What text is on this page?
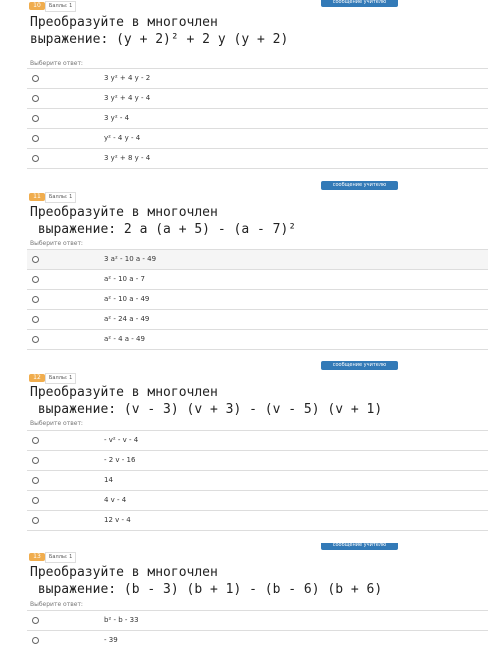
10	Баллы: 1
сообщение учителю
Преобразуйте в многочлен
выражение: (y + 2)² + 2 y (y + 2)
Выберите ответ:
3 y² + 4 y - 2
3 y² + 4 y - 4
3 y² - 4
y² - 4 y - 4
3 y² + 8 y - 4
11	Баллы: 1
сообщение учителю
Преобразуйте в многочлен
выражение: 2 a (a + 5) - (a - 7)²
Выберите ответ:
3 a² - 10 a - 49
a² - 10 a - 7
a² - 10 a - 49
a² - 24 a - 49
a² - 4 a - 49
12	Баллы: 1
сообщение учителю
Преобразуйте в многочлен
выражение: (v - 3) (v + 3) - (v - 5) (v + 1)
Выберите ответ:
- v² - v - 4
- 2 v - 16
14
4 v - 4
12 v - 4
13	Баллы: 1
сообщение учителю
Преобразуйте в многочлен
выражение: (b - 3) (b + 1) - (b - 6) (b + 6)
Выберите ответ:
b² - b - 33
- 39
